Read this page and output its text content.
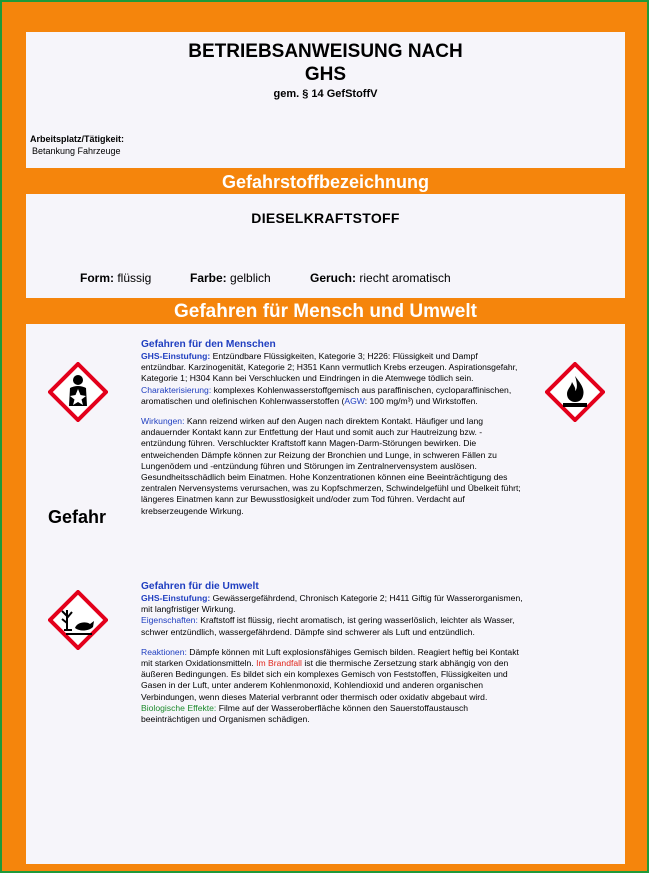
BETRIEBSANWEISUNG NACH
GHS
gem. § 14 GefStoffV
Arbeitsplatz/Tätigkeit:
Betankung Fahrzeuge
Gefahrstoffbezeichnung
DIESELKRAFTSTOFF
Form: flüssig	Farbe: gelblich	Geruch: riecht aromatisch
Gefahren für Mensch und Umwelt
Gefahr
Gefahren für den Menschen
GHS-Einstufung: Entzündbare Flüssigkeiten, Kategorie 3; H226: Flüssigkeit und Dampf entzündbar. Karzinogenität, Kategorie 2; H351 Kann vermutlich Krebs erzeugen. Aspirationsgefahr, Kategorie 1; H304 Kann bei Verschlucken und Eindringen in die Atemwege tödlich sein.
Charakterisierung: komplexes Kohlenwasserstoffgemisch aus paraffinischen, cycloparaffinischen, aromatischen und olefinischen Kohlenwasserstoffen (AGW: 100 mg/m³) und Wirkstoffen.
Wirkungen: Kann reizend wirken auf den Augen nach direktem Kontakt. Häufiger und lang andauernder Kontakt kann zur Entfettung der Haut und somit auch zur Hautreizung bzw. -entzündung führen. Verschluckter Kraftstoff kann Magen-Darm-Störungen bewirken. Die entweichenden Dämpfe können zur Reizung der Bronchien und Lunge, in schweren Fällen zu Lungenödem und -entzündung führen und Störungen im Zentralnervensystem auslösen. Gesundheitsschädlich beim Einatmen. Hohe Konzentrationen können eine Beeinträchtigung des zentralen Nervensystems verursachen, was zu Kopfschmerzen, Schwindelgefühl und Übelkeit führt; längeres Einatmen kann zur Bewusstlosigkeit und/oder zum Tod führen. Verdacht auf krebserzeugende Wirkung.
Gefahren für die Umwelt
GHS-Einstufung: Gewässergefährdend, Chronisch Kategorie 2; H411 Giftig für Wasserorganismen, mit langfristiger Wirkung.
Eigenschaften: Kraftstoff ist flüssig, riecht aromatisch, ist gering wasserlöslich, leichter als Wasser, schwer entzündlich, wassergefährdend. Dämpfe sind schwerer als Luft und entzündlich.
Reaktionen: Dämpfe können mit Luft explosionsfähiges Gemisch bilden. Reagiert heftig bei Kontakt mit starken Oxidationsmitteln. Im Brandfall ist die thermische Zersetzung stark abhängig von den äußeren Bedingungen. Es bildet sich ein komplexes Gemisch von Feststoffen, Flüssigkeiten und Gasen in der Luft, unter anderem Kohlenmonoxid, Kohlendioxid und anderen organischen Verbindungen, wenn dieses Material verbrannt oder thermisch oder oxidativ abgebaut wird.
Biologische Effekte: Filme auf der Wasseroberfläche können den Sauerstoffaustausch beeinträchtigen und Organismen schädigen.
